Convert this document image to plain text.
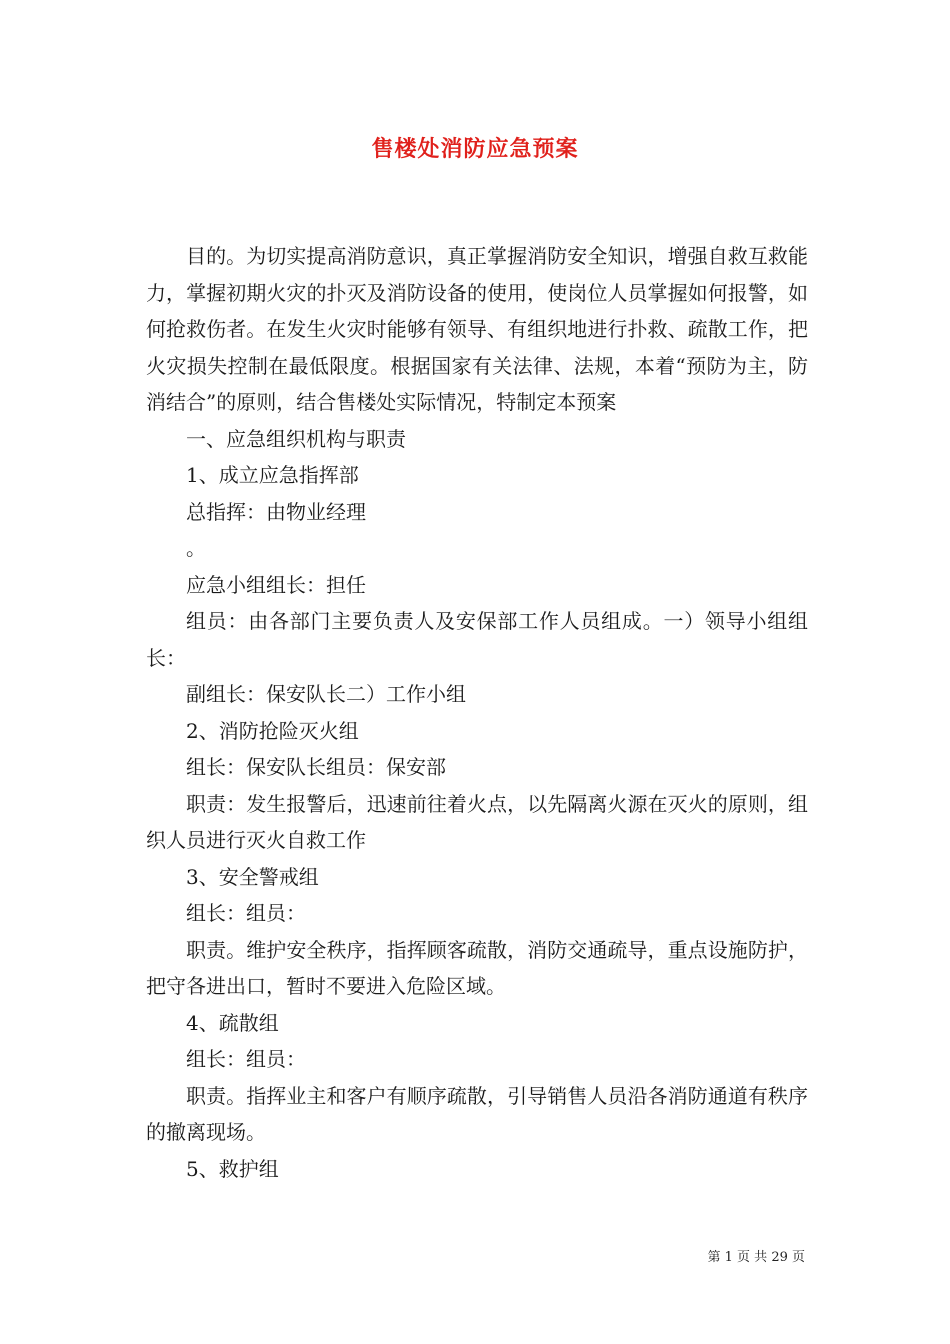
售楼处消防应急预案

目的。为切实提高消防意识，真正掌握消防安全知识，增强自救互救能力，掌握初期火灾的扑灭及消防设备的使用，使岗位人员掌握如何报警，如何抢救伤者。在发生火灾时能够有领导、有组织地进行扑救、疏散工作，把火灾损失控制在最低限度。根据国家有关法律、法规，本着“预防为主，防消结合”的原则，结合售楼处实际情况，特制定本预案

一、应急组织机构与职责

1、成立应急指挥部

总指挥：由物业经理

。

应急小组组长：担任

组员：由各部门主要负责人及安保部工作人员组成。一）领导小组组长：

副组长：保安队长二）工作小组

2、消防抢险灭火组

组长：保安队长组员：保安部

职责：发生报警后，迅速前往着火点，以先隔离火源在灭火的原则，组织人员进行灭火自救工作

3、安全警戒组

组长：组员：

职责。维护安全秩序，指挥顾客疏散，消防交通疏导，重点设施防护，把守各进出口，暂时不要进入危险区域。

4、疏散组

组长：组员：

职责。指挥业主和客户有顺序疏散，引导销售人员沿各消防通道有秩序的撤离现场。

5、救护组

第 1 页 共 29 页
